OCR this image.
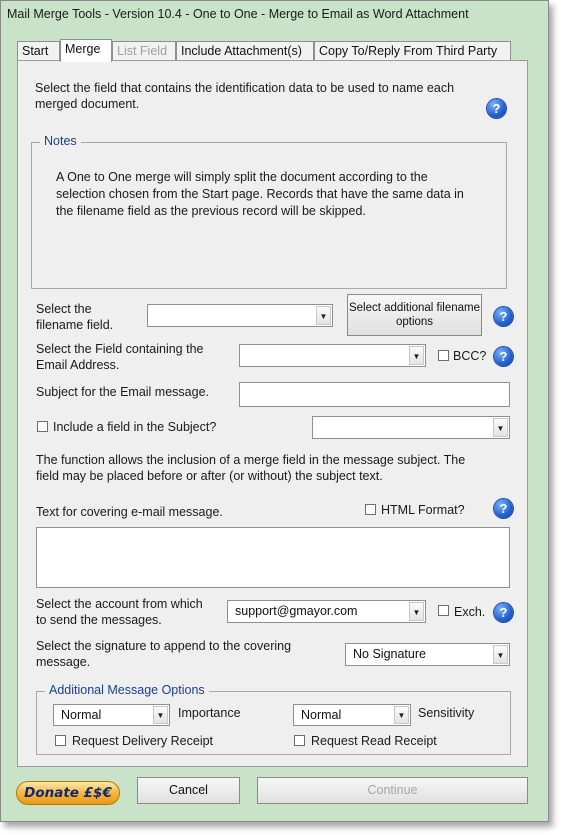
Mail Merge Tools - Version 10.4 - One to One - Merge to Email as Word Attachment
Start	Merge	List Field	Include Attachment(s)	Copy To/Reply From Third Party
Select the field that contains the identification data to be used to name each
merged document.	?
Notes
A One to One merge will simply split the document according to the
selection chosen from the Start page. Records that have the same data in
the filename field as the previous record will be skipped.
Select the
filename field.
▼
Select additional filename
options	?
Select the Field containing the
Email Address.
▼	BCC?	?
Subject for the Email message.
Include a field in the Subject?	▼
The function allows the inclusion of a merge field in the message subject. The
field may be placed before or after (or without) the subject text.
Text for covering e-mail message.	HTML Format?	?
Select the account from which
to send the messages.
support@gmayor.com	▼	Exch.	?
Select the signature to append to the covering
message.
No Signature	▼
Additional Message Options
Normal	▼ Importance	Normal	▼ Sensitivity
Request Delivery Receipt	Request Read Receipt
Donate £$€	Cancel	Continue
